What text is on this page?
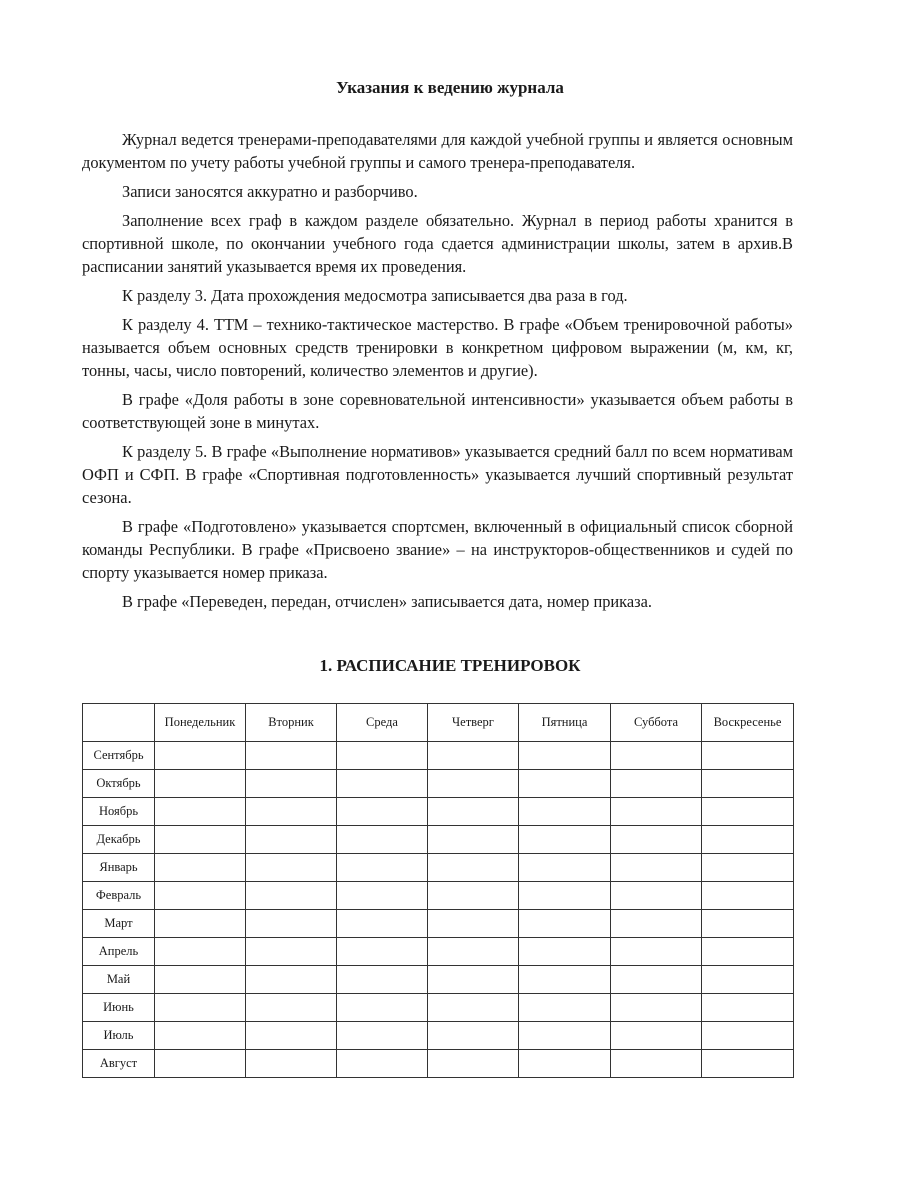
Указания к ведению журнала

Журнал ведется тренерами-преподавателями для каждой учебной группы и является основным документом по учету работы учебной группы и самого тренера-преподавателя.

Записи заносятся аккуратно и разборчиво.

Заполнение всех граф в каждом разделе обязательно. Журнал в период работы хранится в спортивной школе, по окончании учебного года сдается администрации школы, затем в архив.В расписании занятий указывается время их проведения.

К разделу 3. Дата прохождения медосмотра записывается два раза в год.

К разделу 4. ТТМ – технико-тактическое мастерство. В графе «Объем тренировочной работы» называется объем основных средств тренировки в конкретном цифровом выражении (м, км, кг, тонны, часы, число повторений, количество элементов и другие).

В графе «Доля работы в зоне соревновательной интенсивности» указывается объем работы в соответствующей зоне в минутах.

К разделу 5. В графе «Выполнение нормативов» указывается средний балл по всем нормативам ОФП и СФП. В графе «Спортивная подготовленность» указывается лучший спортивный результат сезона.

В графе «Подготовлено» указывается спортсмен, включенный в официальный список сборной команды Республики. В графе «Присвоено звание» – на инструкторов-общественников и судей по спорту указывается номер приказа.

В графе «Переведен, передан, отчислен» записывается дата, номер приказа.

1. РАСПИСАНИЕ ТРЕНИРОВОК
	Понедельник	Вторник	Среда	Четверг	Пятница	Суббота	Воскресенье
Сентябрь							
Октябрь							
Ноябрь							
Декабрь							
Январь							
Февраль							
Март							
Апрель							
Май							
Июнь							
Июль							
Август							
